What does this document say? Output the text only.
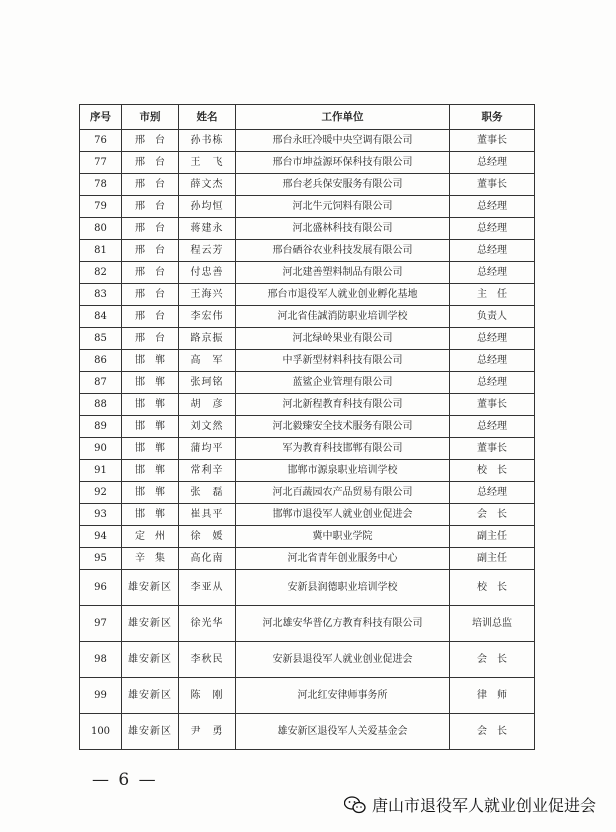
序号	市别	姓名	工作单位	职务
76	邢　台	孙书栋	邢台永旺冷暖中央空调有限公司	董事长
77	邢　台	王　飞	邢台市坤益源环保科技有限公司	总经理
78	邢　台	薛文杰	邢台老兵保安服务有限公司	董事长
79	邢　台	孙均恒	河北牛元饲料有限公司	总经理
80	邢　台	蒋建永	河北盛林科技有限公司	总经理
81	邢　台	程云芳	邢台硒谷农业科技发展有限公司	总经理
82	邢　台	付忠善	河北建善塑料制品有限公司	总经理
83	邢　台	王海兴	邢台市退役军人就业创业孵化基地	主　任
84	邢　台	李宏伟	河北省佳誠消防职业培训学校	负责人
85	邢　台	路京振	河北绿岭果业有限公司	总经理
86	邯　郸	高　军	中孚新型材料科技有限公司	总经理
87	邯　郸	张珂铭	蓝鲨企业管理有限公司	总经理
88	邯　郸	胡　彦	河北新程教育科技有限公司	董事长
89	邯　郸	刘文然	河北毅臻安全技术服务有限公司	总经理
90	邯　郸	蒲均平	军为教育科技邯郸有限公司	董事长
91	邯　郸	常利辛	邯郸市源泉职业培训学校	校　长
92	邯　郸	张　磊	河北百蔬园农产品贸易有限公司	总经理
93	邯　郸	崔具平	邯郸市退役军人就业创业促进会	会　长
94	定　州	徐　媛	冀中职业学院	副主任
95	辛　集	高化南	河北省青年创业服务中心	副主任
96	雄安新区	李亚从	安新县润德职业培训学校	校　长
97	雄安新区	徐光华	河北雄安华普亿方教育科技有限公司	培训总监
98	雄安新区	李秋民	安新县退役军人就业创业促进会	会　长
99	雄安新区	陈　刚	河北红安律师事务所	律　师
100	雄安新区	尹　勇	雄安新区退役军人关爱基金会	会　长
— 6 —
唐山市退役军人就业创业促进会
